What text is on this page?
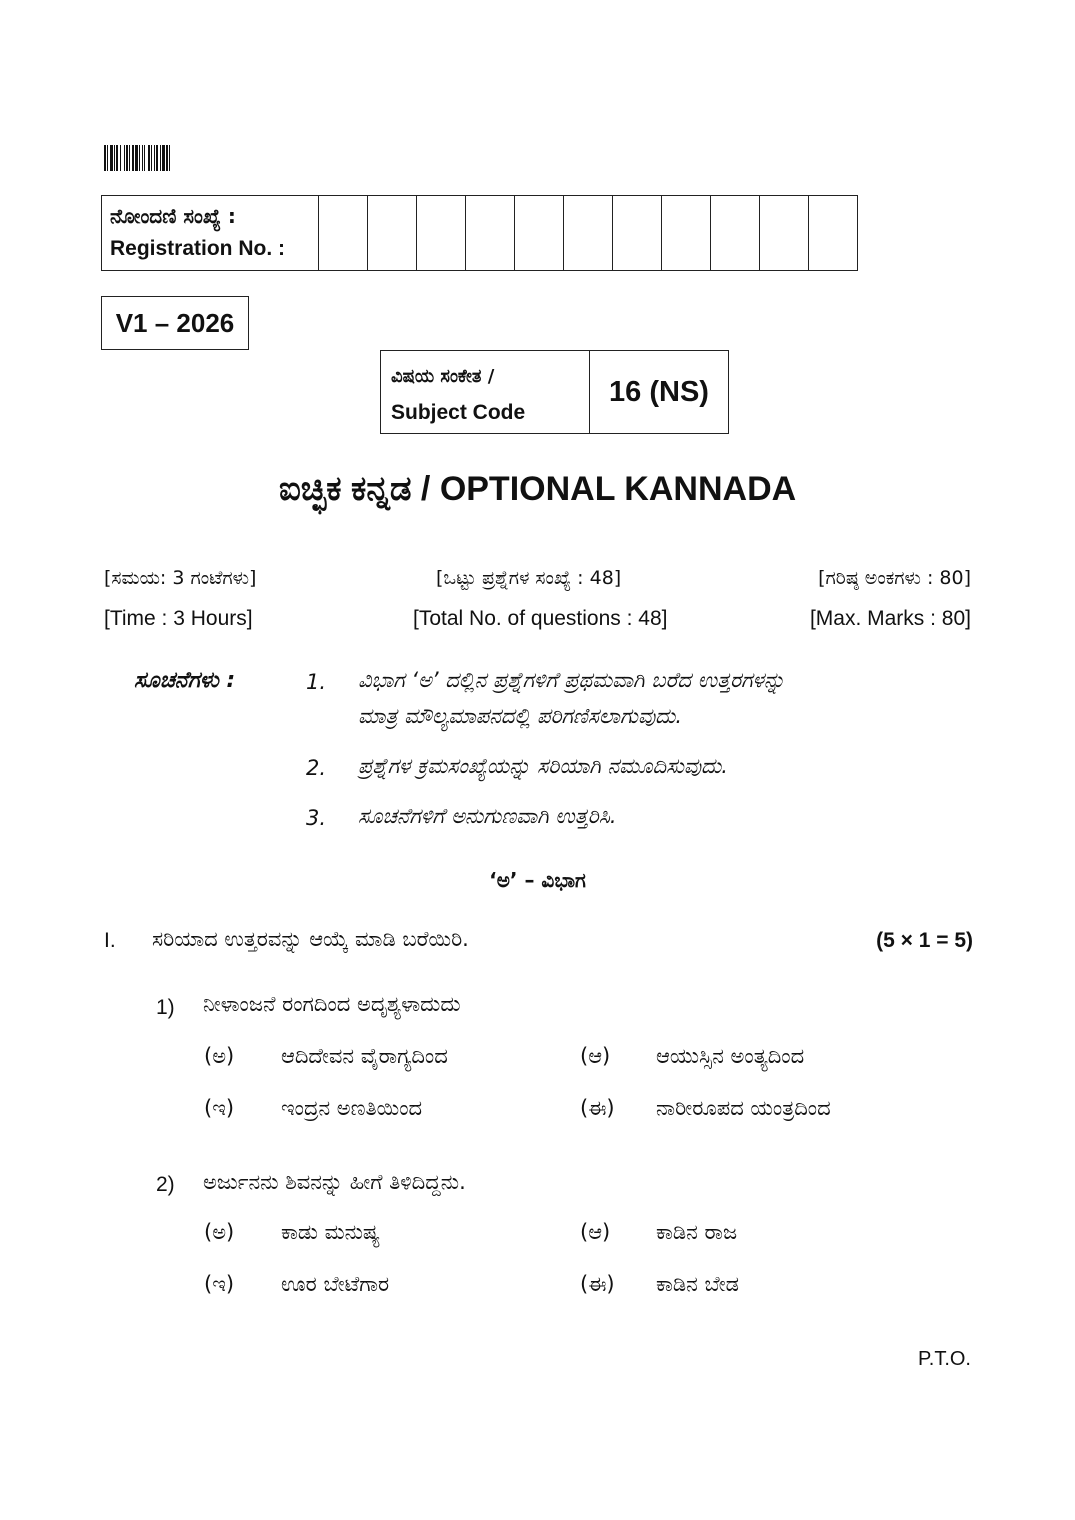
ನೋಂದಣಿ ಸಂಖ್ಯೆ :
Registration No. :

V1 – 2026
ವಿಷಯ ಸಂಕೇತ /
Subject Code
	16 (NS)
ಐಚ್ಛಿಕ ಕನ್ನಡ / OPTIONAL KANNADA
[ಸಮಯ: 3 ಗಂಟೆಗಳು]	[ಒಟ್ಟು ಪ್ರಶ್ನೆಗಳ ಸಂಖ್ಯೆ : 48]	[ಗರಿಷ್ಠ ಅಂಕಗಳು : 80]
[Time : 3 Hours]	[Total No. of questions : 48]	[Max. Marks : 80]
ಸೂಚನೆಗಳು :	1. ವಿಭಾಗ ‘ಅ’ ದಲ್ಲಿನ ಪ್ರಶ್ನೆಗಳಿಗೆ ಪ್ರಥಮವಾಗಿ ಬರೆದ ಉತ್ತರಗಳನ್ನು
ಮಾತ್ರ ಮೌಲ್ಯಮಾಪನದಲ್ಲಿ ಪರಿಗಣಿಸಲಾಗುವುದು.
2. ಪ್ರಶ್ನೆಗಳ ಕ್ರಮಸಂಖ್ಯೆಯನ್ನು ಸರಿಯಾಗಿ ನಮೂದಿಸುವುದು.
3. ಸೂಚನೆಗಳಿಗೆ ಅನುಗುಣವಾಗಿ ಉತ್ತರಿಸಿ.
‘ಅ’ – ವಿಭಾಗ
I. ಸರಿಯಾದ ಉತ್ತರವನ್ನು ಆಯ್ಕೆ ಮಾಡಿ ಬರೆಯಿರಿ.	(5 × 1 = 5)
1) ನೀಳಾಂಜನೆ ರಂಗದಿಂದ ಅದೃಶ್ಯಳಾದುದು
(ಅ) ಆದಿದೇವನ ವೈರಾಗ್ಯದಿಂದ	(ಆ) ಆಯುಸ್ಸಿನ ಅಂತ್ಯದಿಂದ
(ಇ) ಇಂದ್ರನ ಅಣತಿಯಿಂದ	(ಈ) ನಾರೀರೂಪದ ಯಂತ್ರದಿಂದ
2) ಅರ್ಜುನನು ಶಿವನನ್ನು ಹೀಗೆ ತಿಳಿದಿದ್ದನು.
(ಅ) ಕಾಡು ಮನುಷ್ಯ	(ಆ) ಕಾಡಿನ ರಾಜ
(ಇ) ಊರ ಬೇಟೆಗಾರ	(ಈ) ಕಾಡಿನ ಬೇಡ
P.T.O.
